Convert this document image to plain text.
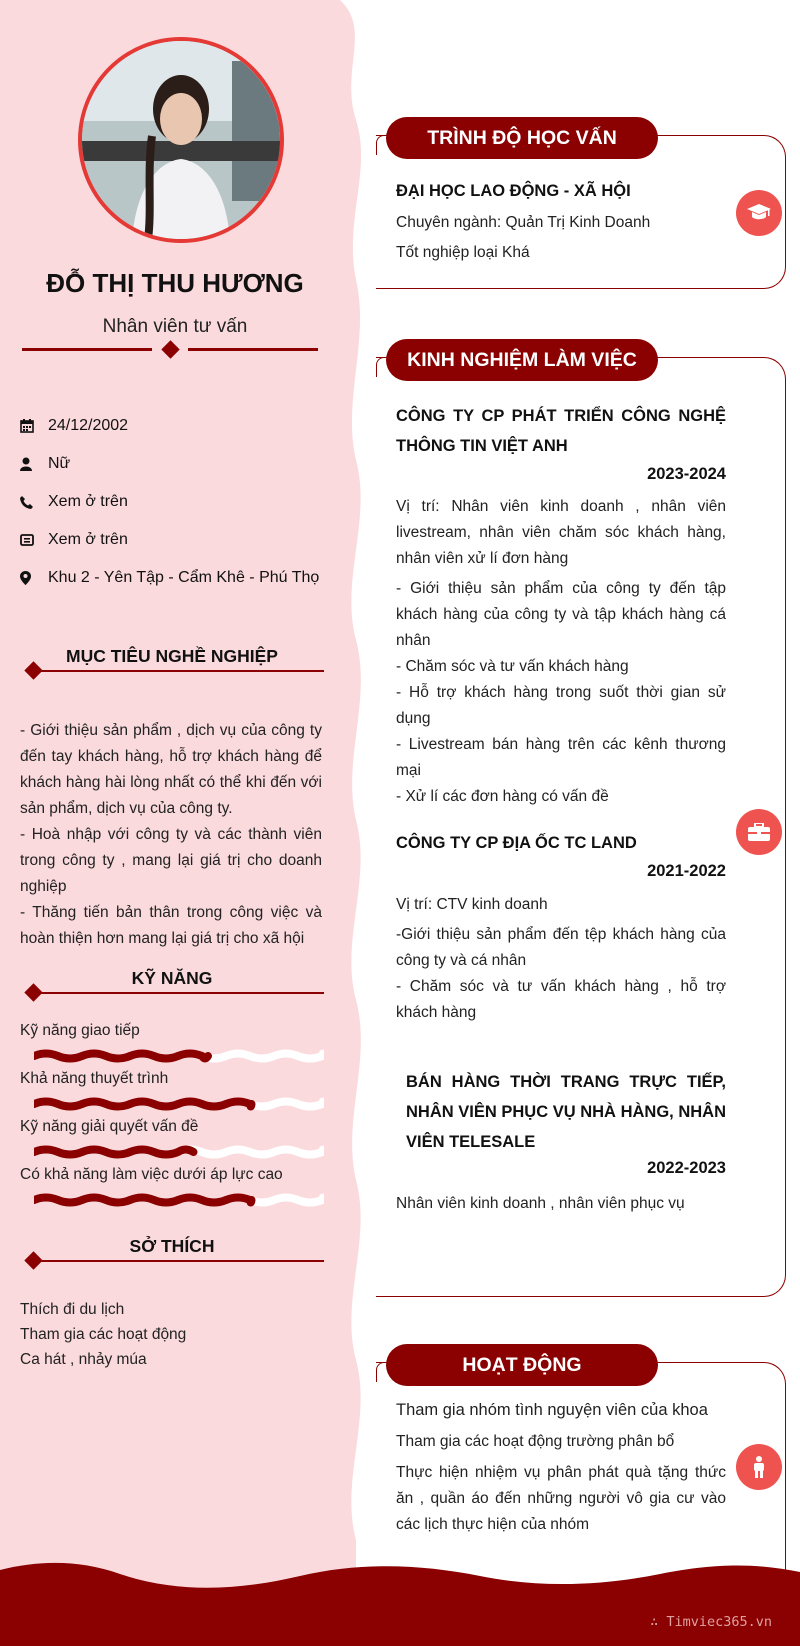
ĐỖ THỊ THU HƯƠNG
Nhân viên tư vấn
24/12/2002
Nữ
Xem ở trên
Xem ở trên
Khu 2 - Yên Tập - Cẩm Khê - Phú Thọ
MỤC TIÊU NGHỀ NGHIỆP
- Giới thiệu sản phẩm , dịch vụ của công ty đến tay khách hàng, hỗ trợ khách hàng để khách hàng hài lòng nhất có thể khi đến với sản phẩm, dịch vụ của công ty.
- Hoà nhập với công ty và các thành viên trong công ty , mang lại giá trị cho doanh nghiệp
- Thăng tiến bản thân trong công việc và hoàn thiện hơn mang lại giá trị cho xã hội
KỸ NĂNG
Kỹ năng giao tiếp
Khả năng thuyết trình
Kỹ năng giải quyết vấn đề
Có khả năng làm việc dưới áp lực cao
SỞ THÍCH
Thích đi du lịch
Tham gia các hoạt động
Ca hát , nhảy múa
TRÌNH ĐỘ HỌC VẤN
ĐẠI HỌC LAO ĐỘNG - XÃ HỘI
Chuyên ngành: Quản Trị Kinh Doanh
Tốt nghiệp loại Khá
KINH NGHIỆM LÀM VIỆC
CÔNG TY CP PHÁT TRIỂN CÔNG NGHỆ THÔNG TIN VIỆT ANH
2023-2024
Vị trí: Nhân viên kinh doanh , nhân viên livestream, nhân viên chăm sóc khách hàng, nhân viên xử lí đơn hàng
- Giới thiệu sản phẩm của công ty đến tập khách hàng của công ty và tập khách hàng cá nhân
- Chăm sóc và tư vấn khách hàng
- Hỗ trợ khách hàng trong suốt thời gian sử dụng
- Livestream bán hàng trên các kênh thương mại
- Xử lí các đơn hàng có vấn đề
CÔNG TY CP ĐỊA ỐC TC LAND
2021-2022
Vị trí: CTV kinh doanh
-Giới thiệu sản phẩm đến tệp khách hàng của công ty và cá nhân
- Chăm sóc và tư vấn khách hàng , hỗ trợ khách hàng
BÁN HÀNG THỜI TRANG TRỰC TIẾP, NHÂN VIÊN PHỤC VỤ NHÀ HÀNG, NHÂN VIÊN TELESALE
2022-2023
Nhân viên kinh doanh , nhân viên phục vụ
HOẠT ĐỘNG
Tham gia nhóm tình nguyện viên của khoa
Tham gia các hoạt động trường phân bổ
Thực hiện nhiệm vụ phân phát quà tặng thức ăn , quần áo đến những người vô gia cư vào các lịch thực hiện của nhóm
∴ Timviec365.vn
